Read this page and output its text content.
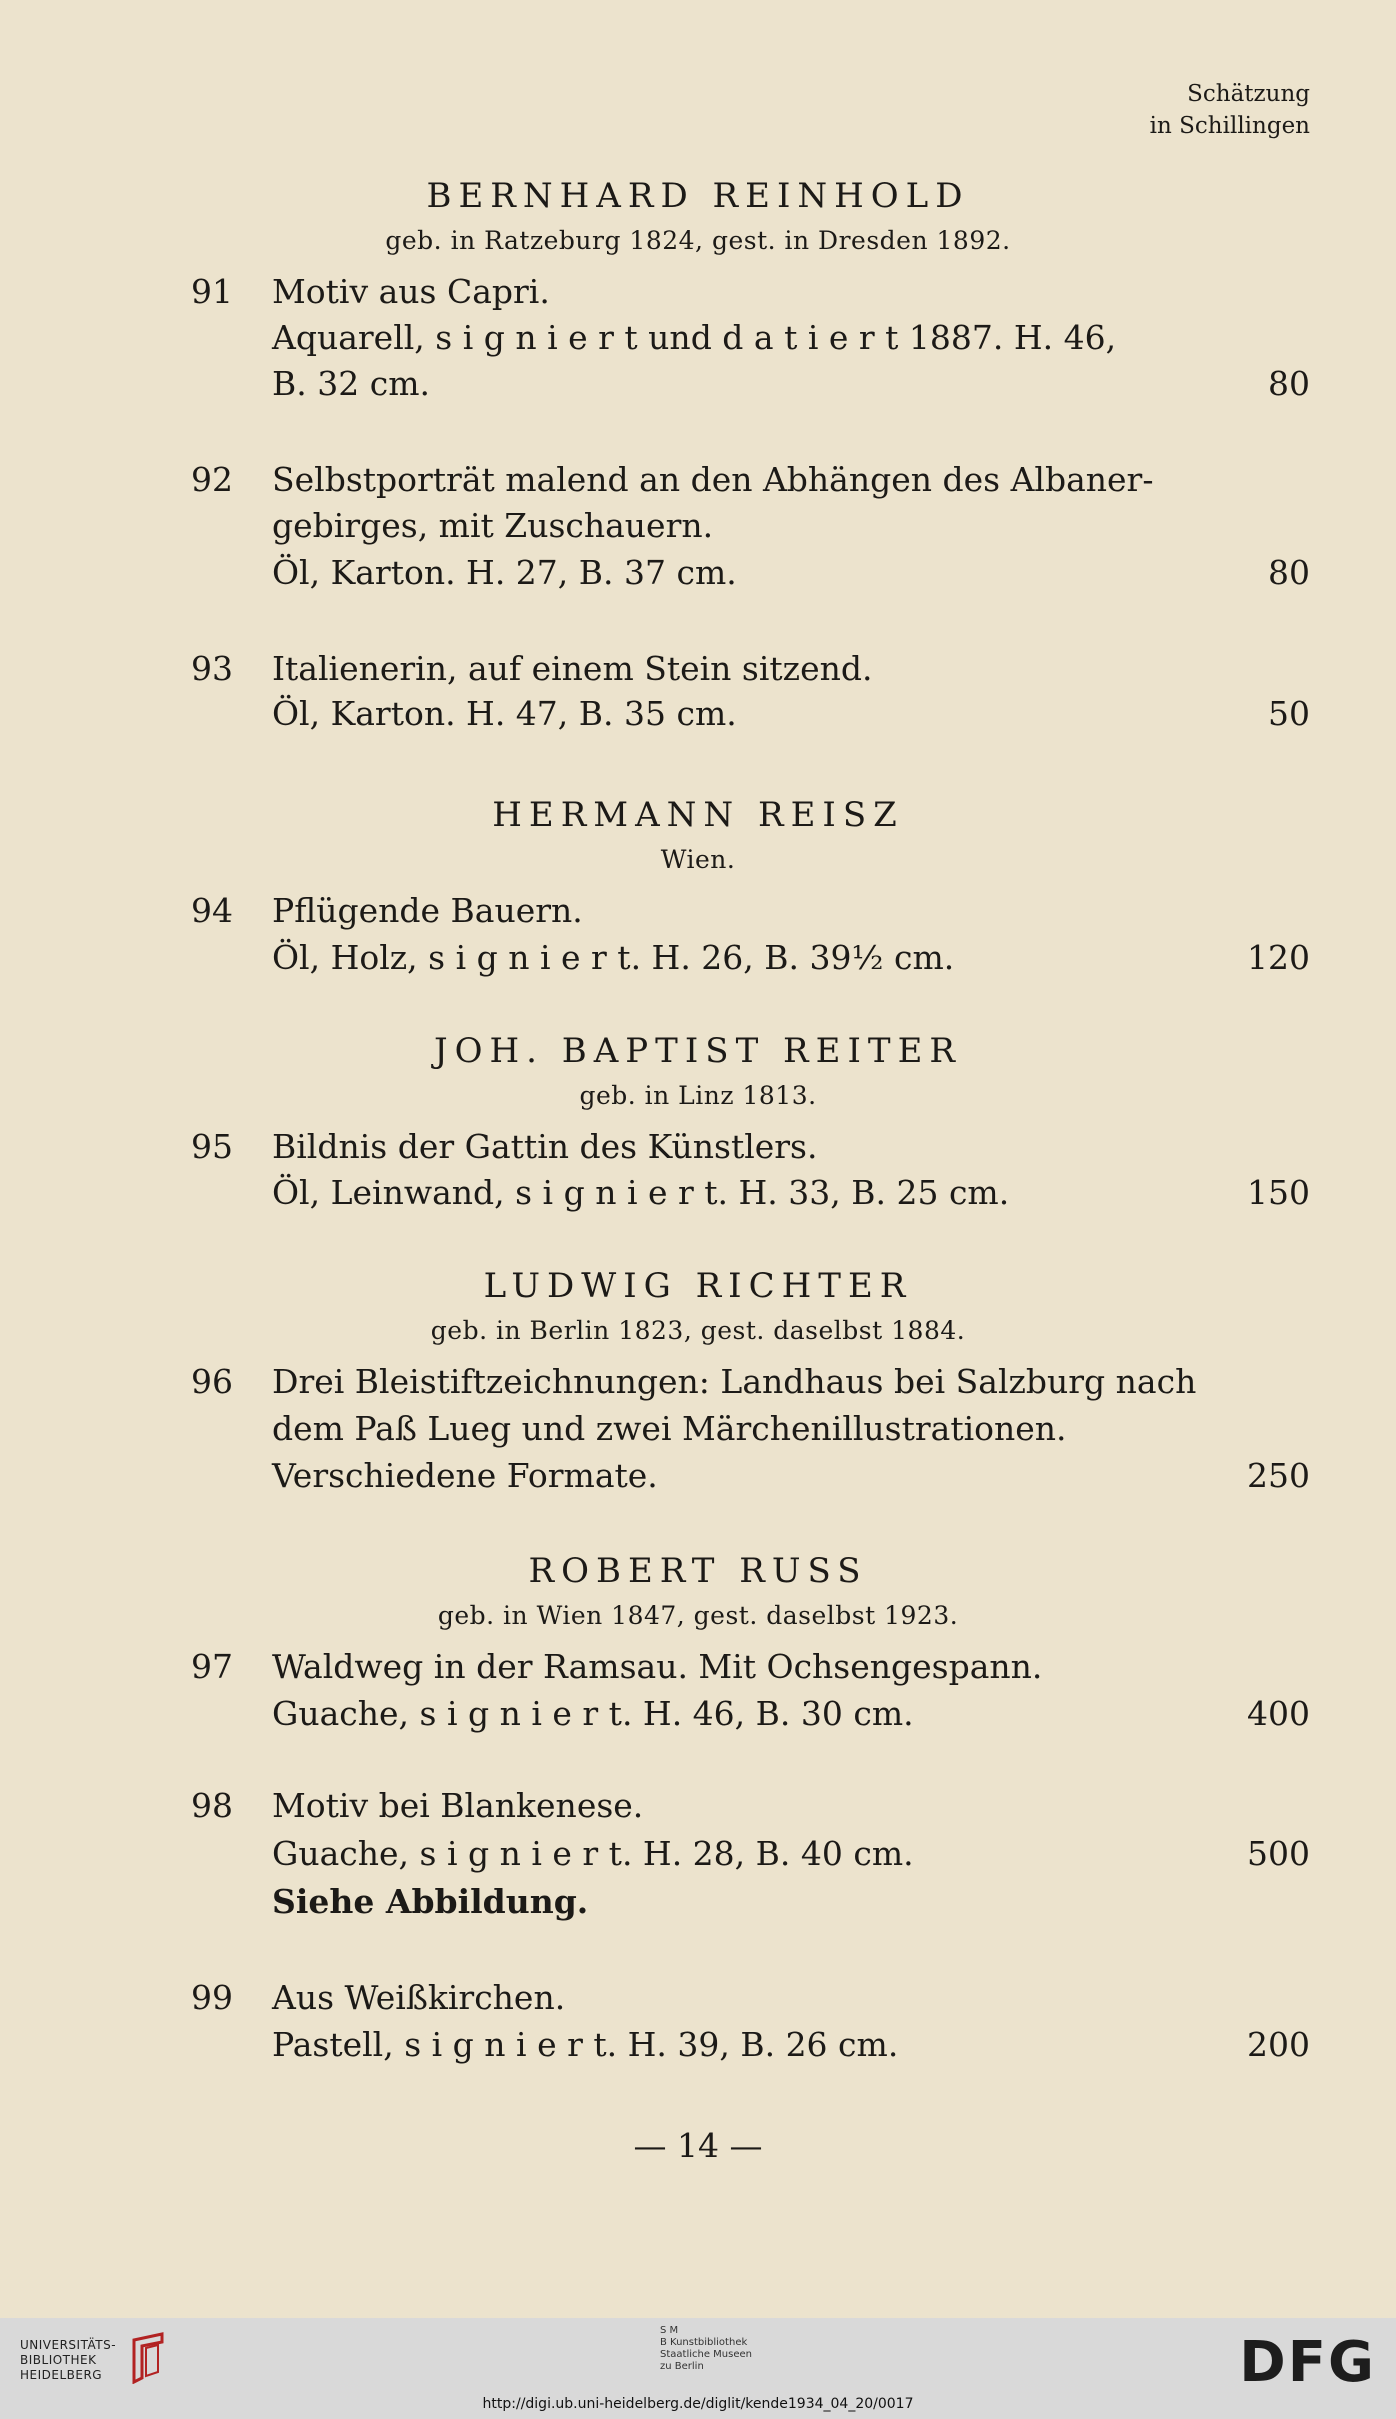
Schätzung
in Schillingen
BERNHARD REINHOLD
geb. in Ratzeburg 1824, gest. in Dresden 1892.
91 Motiv aus Capri.
Aquarell, s i g n i e r t und d a t i e r t 1887. H. 46,
B. 32 cm.	80
92 Selbstporträt malend an den Abhängen des Albaner-
gebirges, mit Zuschauern.
Öl, Karton. H. 27, B. 37 cm.	80
93 Italienerin, auf einem Stein sitzend.
Öl, Karton. H. 47, B. 35 cm.	50
HERMANN REISZ
Wien.
94 Pflügende Bauern.
Öl, Holz, s i g n i e r t. H. 26, B. 39½ cm.	120
JOH. BAPTIST REITER
geb. in Linz 1813.
95 Bildnis der Gattin des Künstlers.
Öl, Leinwand, s i g n i e r t. H. 33, B. 25 cm.	150
LUDWIG RICHTER
geb. in Berlin 1823, gest. daselbst 1884.
96 Drei Bleistiftzeichnungen: Landhaus bei Salzburg nach
dem Paß Lueg und zwei Märchenillustrationen.
Verschiedene Formate.	250
ROBERT RUSS
geb. in Wien 1847, gest. daselbst 1923.
97 Waldweg in der Ramsau. Mit Ochsengespann.
Guache, s i g n i e r t. H. 46, B. 30 cm.	400
98 Motiv bei Blankenese.
Guache, s i g n i e r t. H. 28, B. 40 cm.	500
Siehe Abbildung.
99 Aus Weißkirchen.
Pastell, s i g n i e r t. H. 39, B. 26 cm.	200
— 14 —
UNIVERSITÄTS-
BIBLIOTHEK
HEIDELBERG
S M
B Kunstbibliothek
Staatliche Museen
zu Berlin	DFG
http://digi.ub.uni-heidelberg.de/diglit/kende1934_04_20/0017
